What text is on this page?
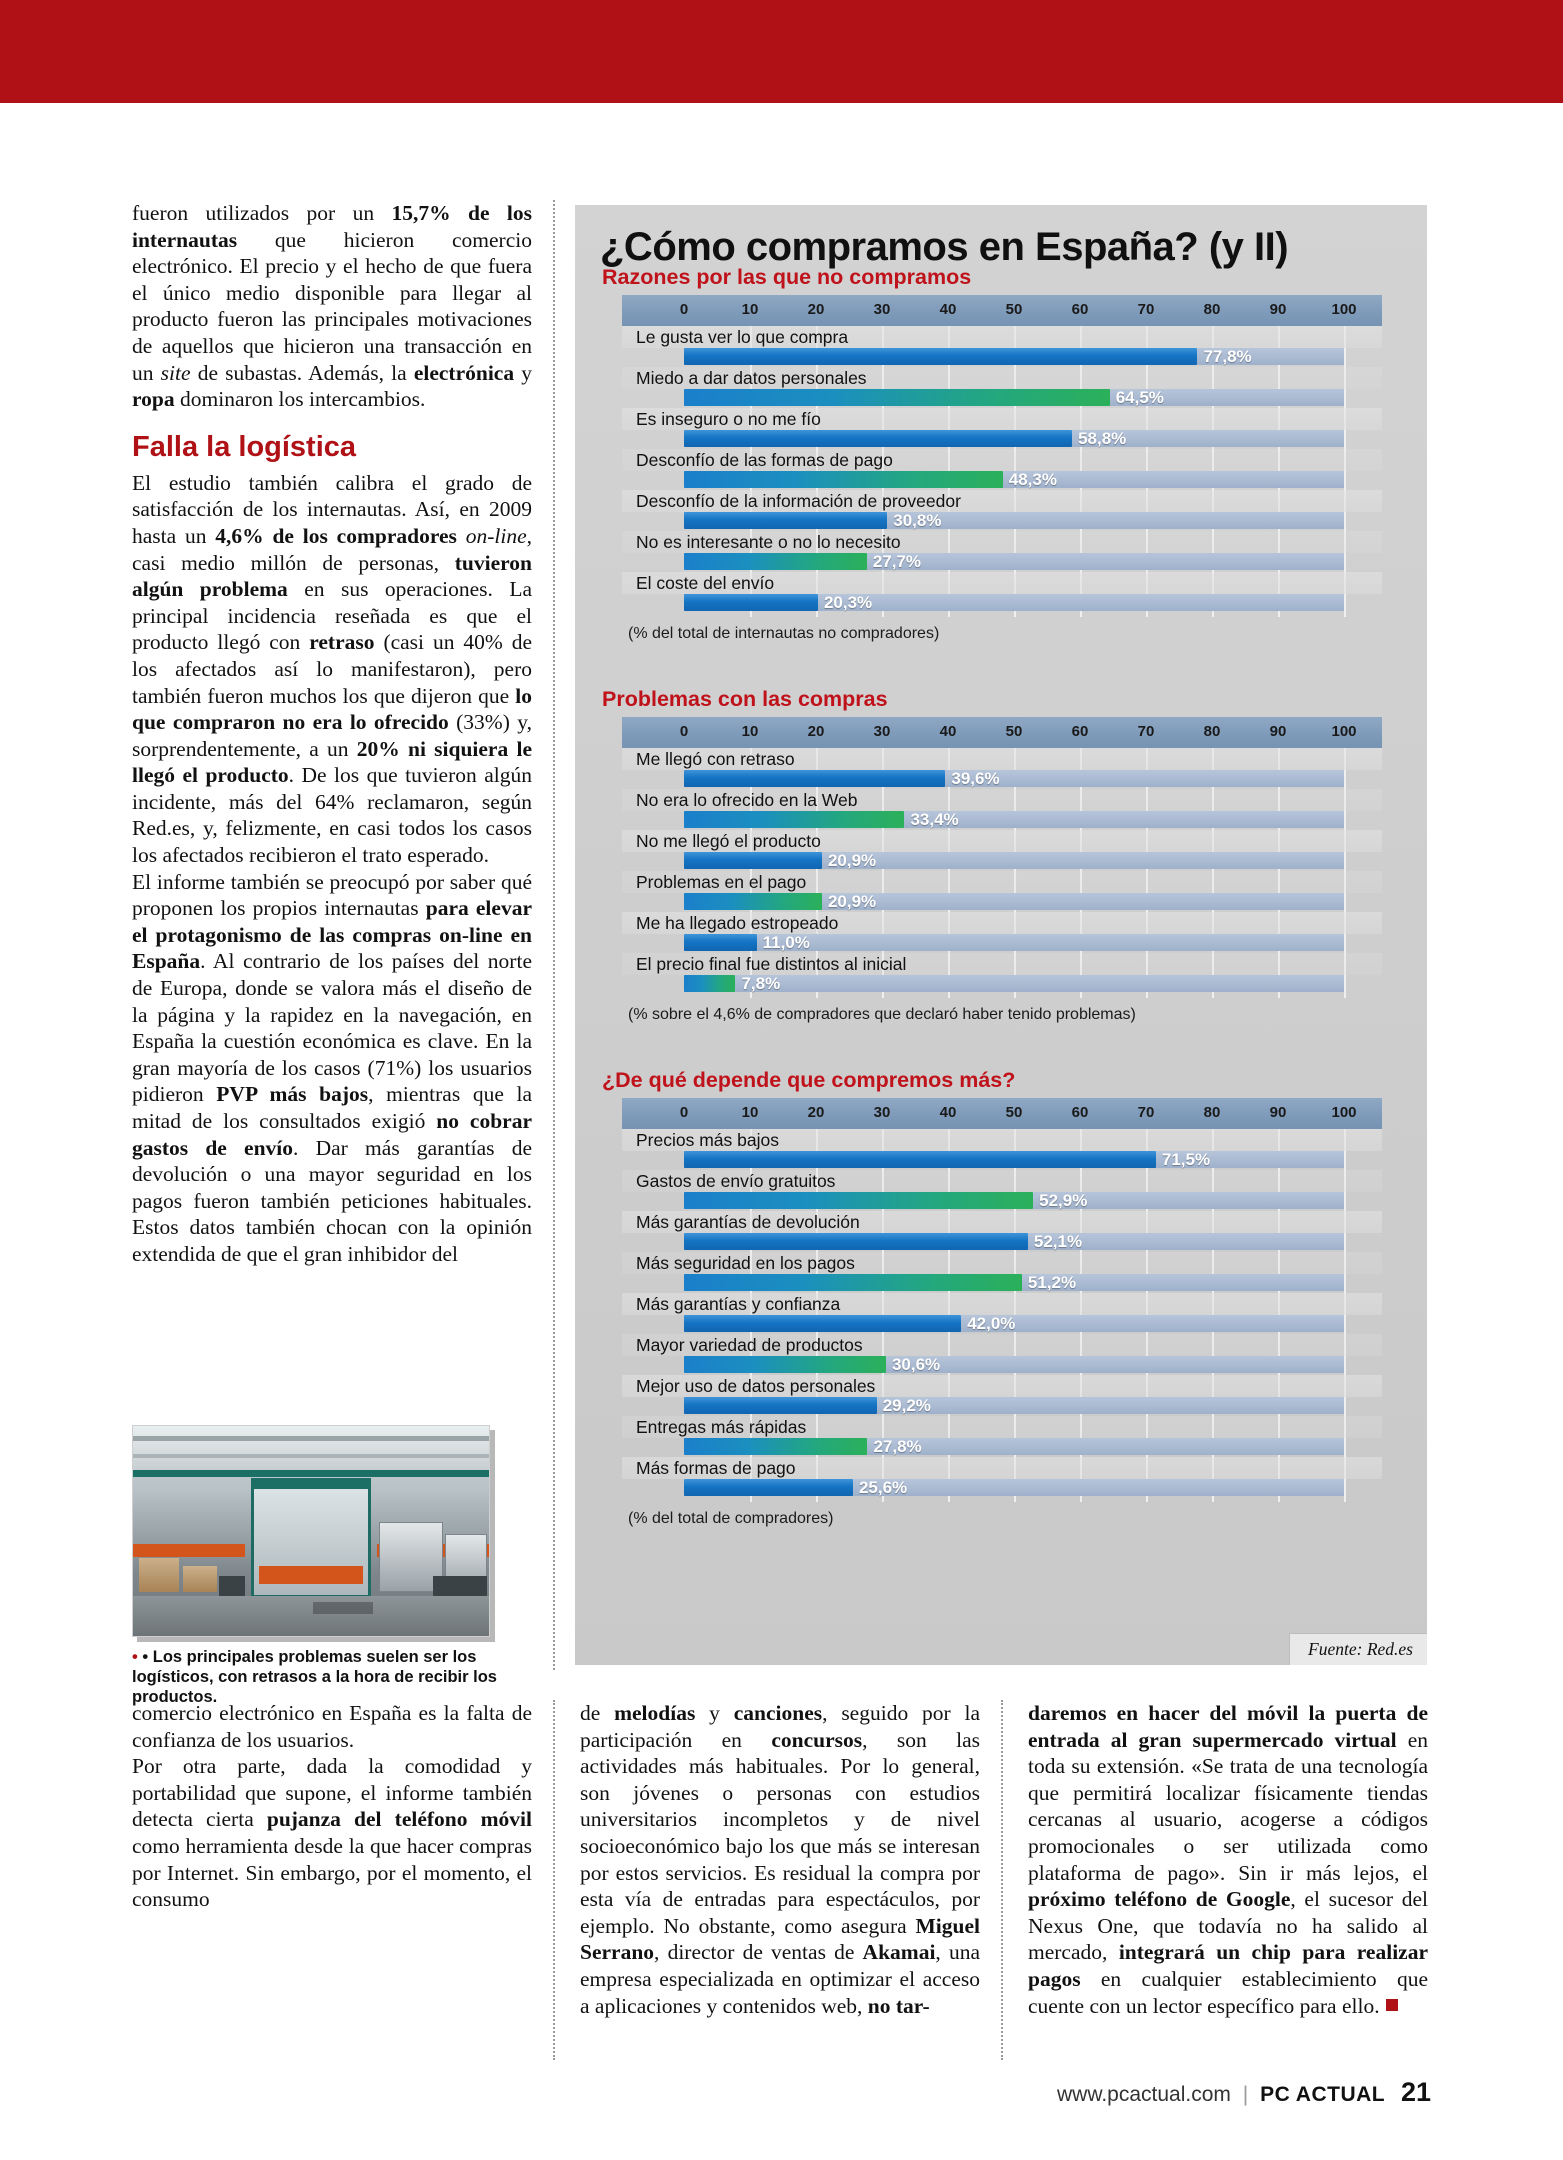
fueron utilizados por un 15,7% de los internautas que hicieron comercio electrónico. El precio y el hecho de que fuera el único medio disponible para llegar al producto fueron las principales motivaciones de aquellos que hicieron una transacción en un site de subastas. Además, la electrónica y ropa dominaron los intercambios.

Falla la logística

El estudio también calibra el grado de satisfacción de los internautas. Así, en 2009 hasta un 4,6% de los compradores on-line, casi medio millón de personas, tuvieron algún problema en sus operaciones. La principal incidencia reseñada es que el producto llegó con retraso (casi un 40% de los afectados así lo manifestaron), pero también fueron muchos los que dijeron que lo que compraron no era lo ofrecido (33%) y, sorprendentemente, a un 20% ni siquiera le llegó el producto. De los que tuvieron algún incidente, más del 64% reclamaron, según Red.es, y, felizmente, en casi todos los casos los afectados recibieron el trato esperado.

El informe también se preocupó por saber qué proponen los propios internautas para elevar el protagonismo de las compras on-line en España. Al contrario de los países del norte de Europa, donde se valora más el diseño de la página y la rapidez en la navegación, en España la cuestión económica es clave. En la gran mayoría de los casos (71%) los usuarios pidieron PVP más bajos, mientras que la mitad de los consultados exigió no cobrar gastos de envío. Dar más garantías de devolución o una mayor seguridad en los pagos fueron también peticiones habituales. Estos datos también chocan con la opinión extendida de que el gran inhibidor del

• • Los principales problemas suelen ser los logísticos, con retrasos a la hora de recibir los productos.
¿Cómo compramos en España? (y II)
Razones por las que no compramos
0	10	20	30	40	50	60	70	80	90	100
Le gusta ver lo que compra
77,8%
Miedo a dar datos personales
64,5%
Es inseguro o no me fío
58,8%
Desconfío de las formas de pago
48,3%
Desconfío de la información de proveedor
30,8%
No es interesante o no lo necesito
27,7%
El coste del envío
20,3%
(% del total de internautas no compradores)
Problemas con las compras
0	10	20	30	40	50	60	70	80	90	100
Me llegó con retraso
39,6%
No era lo ofrecido en la Web
33,4%
No me llegó el producto
20,9%
Problemas en el pago
20,9%
Me ha llegado estropeado
11,0%
El precio final fue distintos al inicial
7,8%
(% sobre el 4,6% de compradores que declaró haber tenido problemas)
¿De qué depende que compremos más?
0	10	20	30	40	50	60	70	80	90	100
Precios más bajos
71,5%
Gastos de envío gratuitos
52,9%
Más garantías de devolución
52,1%
Más seguridad en los pagos
51,2%
Más garantías y confianza
42,0%
Mayor variedad de productos
30,6%
Mejor uso de datos personales
29,2%
Entregas más rápidas
27,8%
Más formas de pago
25,6%
(% del total de compradores)
Fuente: Red.es
comercio electrónico en España es la falta de confianza de los usuarios.
Por otra parte, dada la comodidad y portabilidad que supone, el informe también detecta cierta pujanza del teléfono móvil como herramienta desde la que hacer compras por Internet. Sin embargo, por el momento, el consumo
de melodías y canciones, seguido por la participación en concursos, son las actividades más habituales. Por lo general, son jóvenes o personas con estudios universitarios incompletos y de nivel socioeconómico bajo los que más se interesan por estos servicios. Es residual la compra por esta vía de entradas para espectáculos, por ejemplo. No obstante, como asegura Miguel Serrano, director de ventas de Akamai, una empresa especializada en optimizar el acceso a aplicaciones y contenidos web, no tar-
daremos en hacer del móvil la puerta de entrada al gran supermercado virtual en toda su extensión. «Se trata de una tecnología que permitirá localizar físicamente tiendas cercanas al usuario, acogerse a códigos promocionales o ser utilizada como plataforma de pago». Sin ir más lejos, el próximo teléfono de Google, el sucesor del Nexus One, que todavía no ha salido al mercado, integrará un chip para realizar pagos en cualquier establecimiento que cuente con un lector específico para ello.
www.pcactual.com | PC ACTUAL 21
